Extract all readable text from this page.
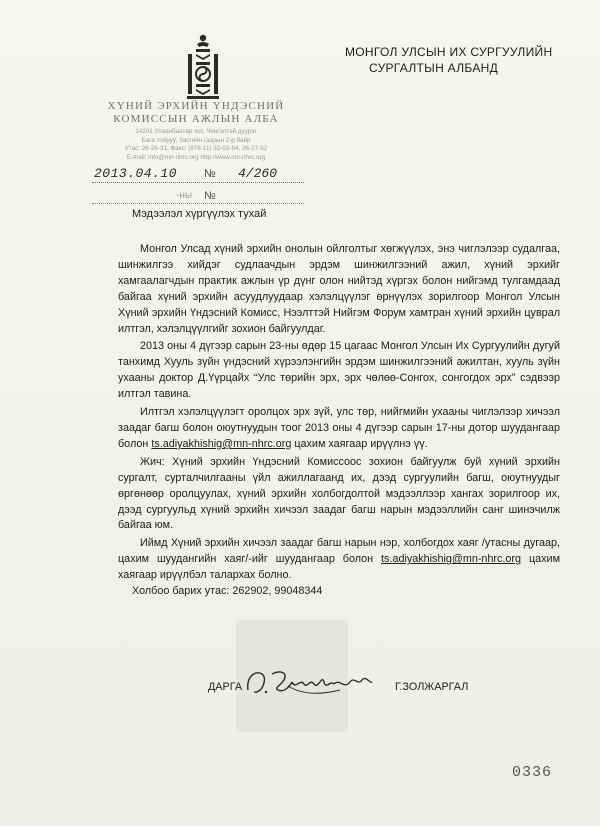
ХҮНИЙ ЭРХИЙН ҮНДЭСНИЙ
КОМИССЫН АЖЛЫН АЛБА
14201 Улаанбаатар хот, Чингэлтэй дүүрэг
Бага тойруу, Засгийн газрын 2-р байр
Утас: 26-26-31, Факс: (976-11) 32-02-64, 26-27-52
E-mail: info@mn-nhrc.org http://www.mn-nhrc.org
2013.04.10 № 4/260
-ны №
МОНГОЛ УЛСЫН ИХ СУРГУУЛИЙН
СУРГАЛТЫН АЛБАНД
Мэдээлэл хүргүүлэх тухай

Монгол Улсад хүний эрхийн онолын ойлголтыг хөгжүүлэх, энэ чиглэлээр судалгаа, шинжилгээ хийдэг судлаачдын эрдэм шинжилгээний ажил, хүний эрхийг хамгаалагчдын практик ажлын үр дүнг олон нийтэд хүргэх болон нийгэмд тулгамдаад байгаа хүний эрхийн асуудлуудаар хэлэлцүүлэг өрнүүлэх зорилгоор Монгол Улсын Хүний эрхийн Үндэсний Комисс, Нээлттэй Нийгэм Форум хамтран хүний эрхийн цуврал илтгэл, хэлэлцүүлгийг зохион байгуулдаг.

2013 оны 4 дүгээр сарын 23-ны өдөр 15 цагаас Монгол Улсын Их Сургуулийн дугуй танхимд Хууль зүйн үндэсний хүрээлэнгийн эрдэм шинжилгээний ажилтан, хууль зүйн ухааны доктор Д.Үүрцайх “Улс төрийн эрх, эрх чөлөө-Сонгох, сонгогдох эрх” сэдвээр илтгэл тавина.

Илтгэл хэлэлцүүлэгт оролцох эрх зүй, улс төр, нийгмийн ухааны чиглэлээр хичээл заадаг багш болон оюутнуудын тоог 2013 оны 4 дүгээр сарын 17-ны дотор шуудангаар болон ts.adiyakhishig@mn-nhrc.org цахим хаягаар ирүүлнэ үү.

Жич: Хүний эрхийн Үндэсний Комиссоос зохион байгуулж буй хүний эрхийн сургалт, сурталчилгааны үйл ажиллагаанд их, дээд сургуулийн багш, оюутнуудыг өргөнөөр оролцуулах, хүний эрхийн холбогдолтой мэдээллээр хангах зорилгоор их, дээд сургуульд хүний эрхийн хичээл заадаг багш нарын мэдээллийн санг шинэчилж байгаа юм.

Иймд Хүний эрхийн хичээл заадаг багш нарын нэр, холбогдох хаяг /утасны дугаар, цахим шуудангийн хаяг/-ийг шуудангаар болон ts.adiyakhishig@mn-nhrc.org цахим хаягаар ирүүлбэл талархах болно.

Холбоо барих утас: 262902, 99048344
ДАРГА	Г.ЗОЛЖАРГАЛ
0336
